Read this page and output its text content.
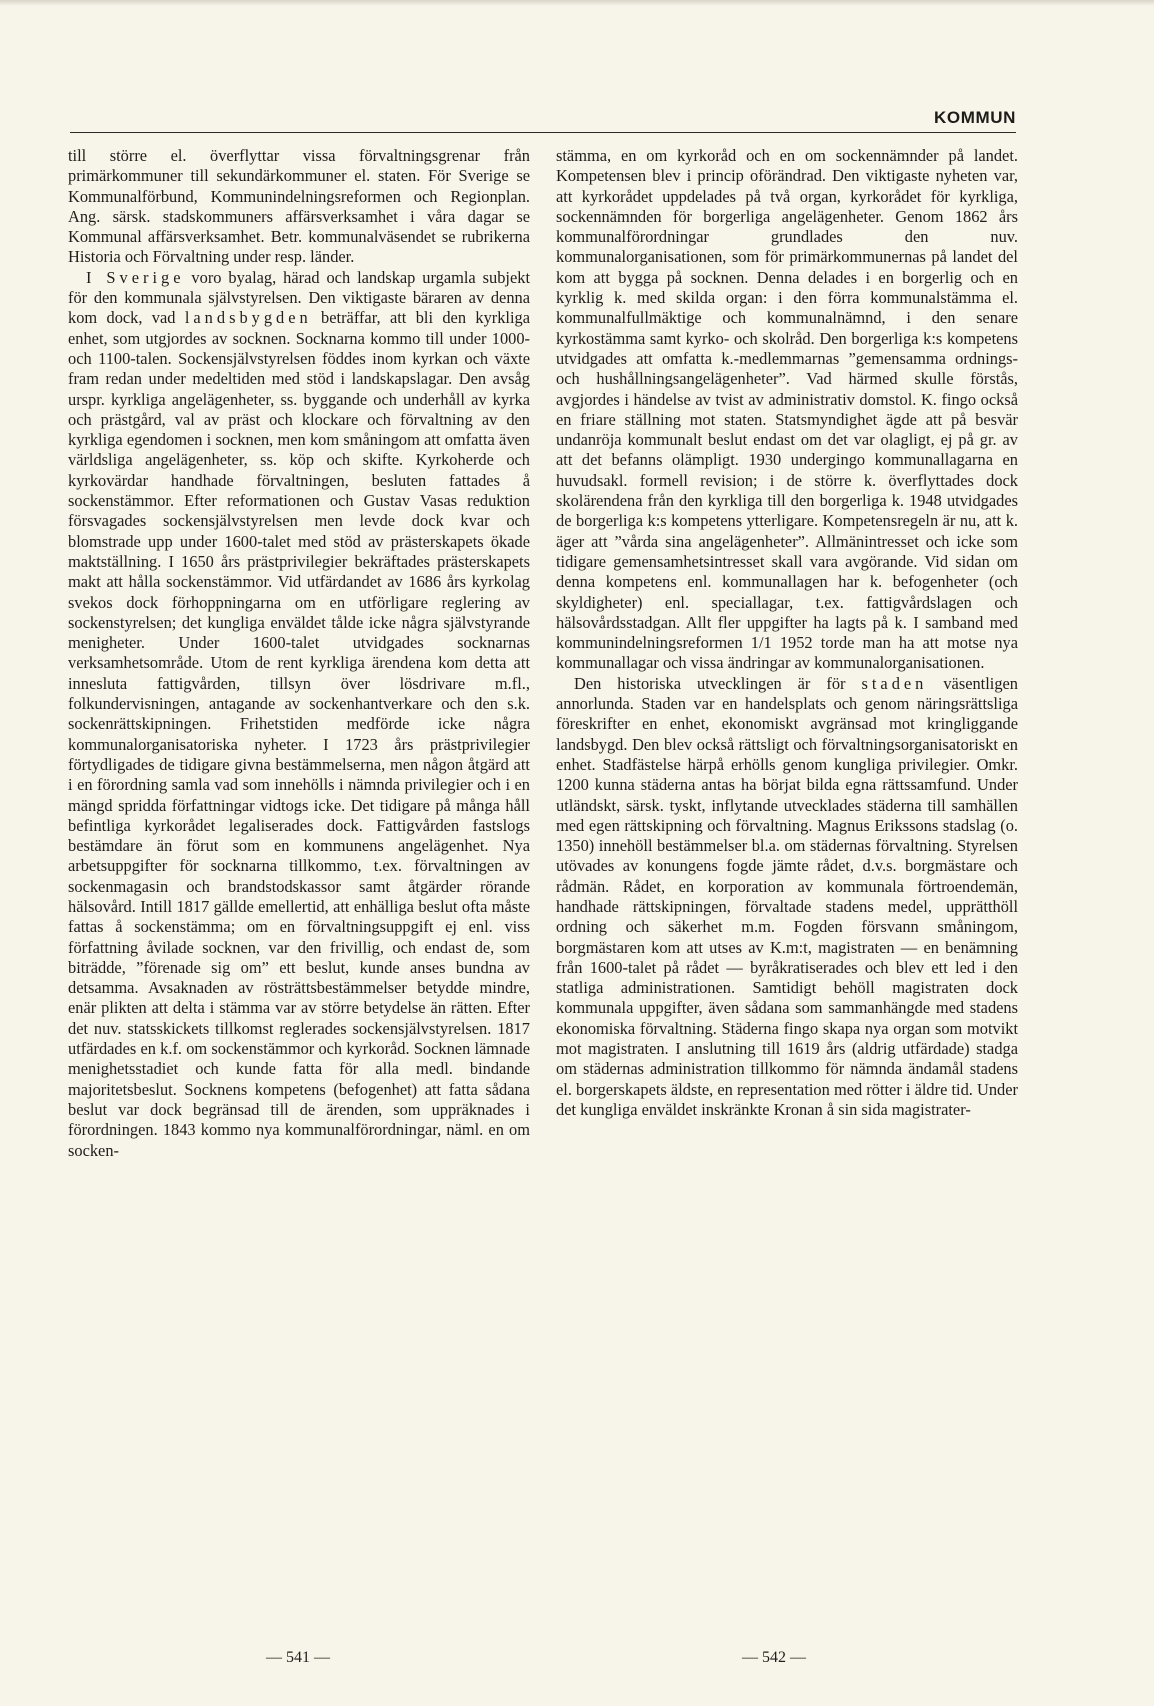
KOMMUN

till större el. överflyttar vissa förvaltningsgrenar från primärkommuner till sekundärkommuner el. staten. För Sverige se Kommunalförbund, Kommunindelningsreformen och Regionplan. Ang. särsk. stadskommuners affärsverksamhet i våra dagar se Kommunal affärsverksamhet. Betr. kommunalväsendet se rubrikerna Historia och Förvaltning under resp. länder.

I Sverige voro byalag, härad och landskap urgamla subjekt för den kommunala självstyrelsen. Den viktigaste bäraren av denna kom dock, vad landsbygden beträffar, att bli den kyrkliga enhet, som utgjordes av socknen. Socknarna kommo till under 1000- och 1100-talen. Sockensjälvstyrelsen föddes inom kyrkan och växte fram redan under medeltiden med stöd i landskapslagar. Den avsåg urspr. kyrkliga angelägenheter, ss. byggande och underhåll av kyrka och prästgård, val av präst och klockare och förvaltning av den kyrkliga egendomen i socknen, men kom småningom att omfatta även världsliga angelägenheter, ss. köp och skifte. Kyrkoherde och kyrkovärdar handhade förvaltningen, besluten fattades å sockenstämmor. Efter reformationen och Gustav Vasas reduktion försvagades sockensjälvstyrelsen men levde dock kvar och blomstrade upp under 1600-talet med stöd av prästerskapets ökade maktställning. I 1650 års prästprivilegier bekräftades prästerskapets makt att hålla sockenstämmor. Vid utfärdandet av 1686 års kyrkolag svekos dock förhoppningarna om en utförligare reglering av sockenstyrelsen; det kungliga enväldet tålde icke några självstyrande menigheter. Under 1600-talet utvidgades socknarnas verksamhetsområde. Utom de rent kyrkliga ärendena kom detta att innesluta fattigvården, tillsyn över lösdrivare m.fl., folkundervisningen, antagande av sockenhantverkare och den s.k. sockenrättskipningen. Frihetstiden medförde icke några kommunalorganisatoriska nyheter. I 1723 års prästprivilegier förtydligades de tidigare givna bestämmelserna, men någon åtgärd att i en förordning samla vad som innehölls i nämnda privilegier och i en mängd spridda författningar vidtogs icke. Det tidigare på många håll befintliga kyrkorådet legaliserades dock. Fattigvården fastslogs bestämdare än förut som en kommunens angelägenhet. Nya arbetsuppgifter för socknarna tillkommo, t.ex. förvaltningen av sockenmagasin och brandstodskassor samt åtgärder rörande hälsovård. Intill 1817 gällde emellertid, att enhälliga beslut ofta måste fattas å sockenstämma; om en förvaltningsuppgift ej enl. viss författning åvilade socknen, var den frivillig, och endast de, som biträdde, ”förenade sig om” ett beslut, kunde anses bundna av detsamma. Avsaknaden av rösträttsbestämmelser betydde mindre, enär plikten att delta i stämma var av större betydelse än rätten. Efter det nuv. statsskickets tillkomst reglerades sockensjälvstyrelsen. 1817 utfärdades en k.f. om sockenstämmor och kyrkoråd. Socknen lämnade menighetsstadiet och kunde fatta för alla medl. bindande majoritetsbeslut. Socknens kompetens (befogenhet) att fatta sådana beslut var dock begränsad till de ärenden, som uppräknades i förordningen. 1843 kommo nya kommunalförordningar, näml. en om socken-

stämma, en om kyrkoråd och en om sockennämnder på landet. Kompetensen blev i princip oförändrad. Den viktigaste nyheten var, att kyrkorådet uppdelades på två organ, kyrkorådet för kyrkliga, sockennämnden för borgerliga angelägenheter. Genom 1862 års kommunalförordningar grundlades den nuv. kommunalorganisationen, som för primärkommunernas på landet del kom att bygga på socknen. Denna delades i en borgerlig och en kyrklig k. med skilda organ: i den förra kommunalstämma el. kommunalfullmäktige och kommunalnämnd, i den senare kyrkostämma samt kyrko- och skolråd. Den borgerliga k:s kompetens utvidgades att omfatta k.-medlemmarnas ”gemensamma ordnings- och hushållningsangelägenheter”. Vad härmed skulle förstås, avgjordes i händelse av tvist av administrativ domstol. K. fingo också en friare ställning mot staten. Statsmyndighet ägde att på besvär undanröja kommunalt beslut endast om det var olagligt, ej på gr. av att det befanns olämpligt. 1930 undergingo kommunallagarna en huvudsakl. formell revision; i de större k. överflyttades dock skolärendena från den kyrkliga till den borgerliga k. 1948 utvidgades de borgerliga k:s kompetens ytterligare. Kompetensregeln är nu, att k. äger att ”vårda sina angelägenheter”. Allmänintresset och icke som tidigare gemensamhetsintresset skall vara avgörande. Vid sidan om denna kompetens enl. kommunallagen har k. befogenheter (och skyldigheter) enl. speciallagar, t.ex. fattigvårdslagen och hälsovårdsstadgan. Allt fler uppgifter ha lagts på k. I samband med kommunindelningsreformen 1/1 1952 torde man ha att motse nya kommunallagar och vissa ändringar av kommunalorganisationen.

Den historiska utvecklingen är för staden väsentligen annorlunda. Staden var en handelsplats och genom näringsrättsliga föreskrifter en enhet, ekonomiskt avgränsad mot kringliggande landsbygd. Den blev också rättsligt och förvaltningsorganisatoriskt en enhet. Stadfästelse härpå erhölls genom kungliga privilegier. Omkr. 1200 kunna städerna antas ha börjat bilda egna rättssamfund. Under utländskt, särsk. tyskt, inflytande utvecklades städerna till samhällen med egen rättskipning och förvaltning. Magnus Erikssons stadslag (o. 1350) innehöll bestämmelser bl.a. om städernas förvaltning. Styrelsen utövades av konungens fogde jämte rådet, d.v.s. borgmästare och rådmän. Rådet, en korporation av kommunala förtroendemän, handhade rättskipningen, förvaltade stadens medel, upprätthöll ordning och säkerhet m.m. Fogden försvann småningom, borgmästaren kom att utses av K.m:t, magistraten — en benämning från 1600-talet på rådet — byråkratiserades och blev ett led i den statliga administrationen. Samtidigt behöll magistraten dock kommunala uppgifter, även sådana som sammanhängde med stadens ekonomiska förvaltning. Städerna fingo skapa nya organ som motvikt mot magistraten. I anslutning till 1619 års (aldrig utfärdade) stadga om städernas administration tillkommo för nämnda ändamål stadens el. borgerskapets äldste, en representation med rötter i äldre tid. Under det kungliga enväldet inskränkte Kronan å sin sida magistrater-

— 541 —	— 542 —
